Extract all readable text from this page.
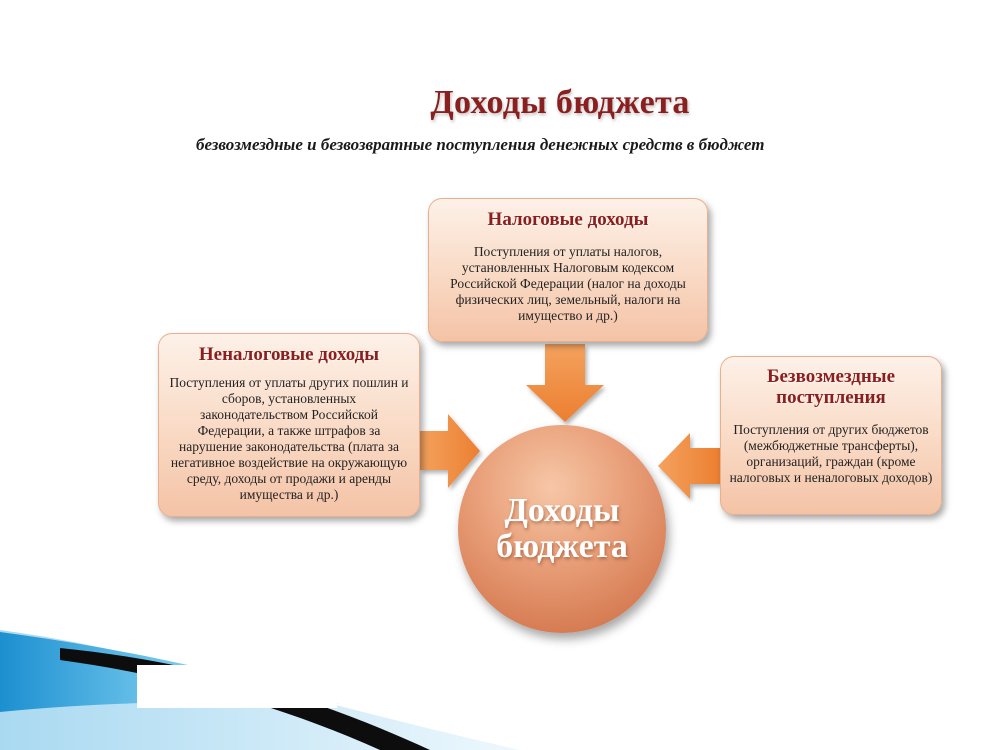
Доходы бюджета
безвозмездные и безвозвратные поступления денежных средств в бюджет
Налоговые доходы
Поступления от уплаты налогов, установленных Налоговым кодексом Российской Федерации (налог на доходы физических лиц, земельный, налоги на имущество и др.)
Неналоговые доходы
Поступления от уплаты других пошлин и сборов, установленных законодательством Российской Федерации, а также штрафов за нарушение законодательства (плата за негативное воздействие на окружающую среду, доходы от продажи и аренды имущества и др.)
Безвозмездные поступления
Поступления от других бюджетов (межбюджетные трансферты), организаций, граждан (кроме налоговых и неналоговых доходов)
Доходы бюджета
